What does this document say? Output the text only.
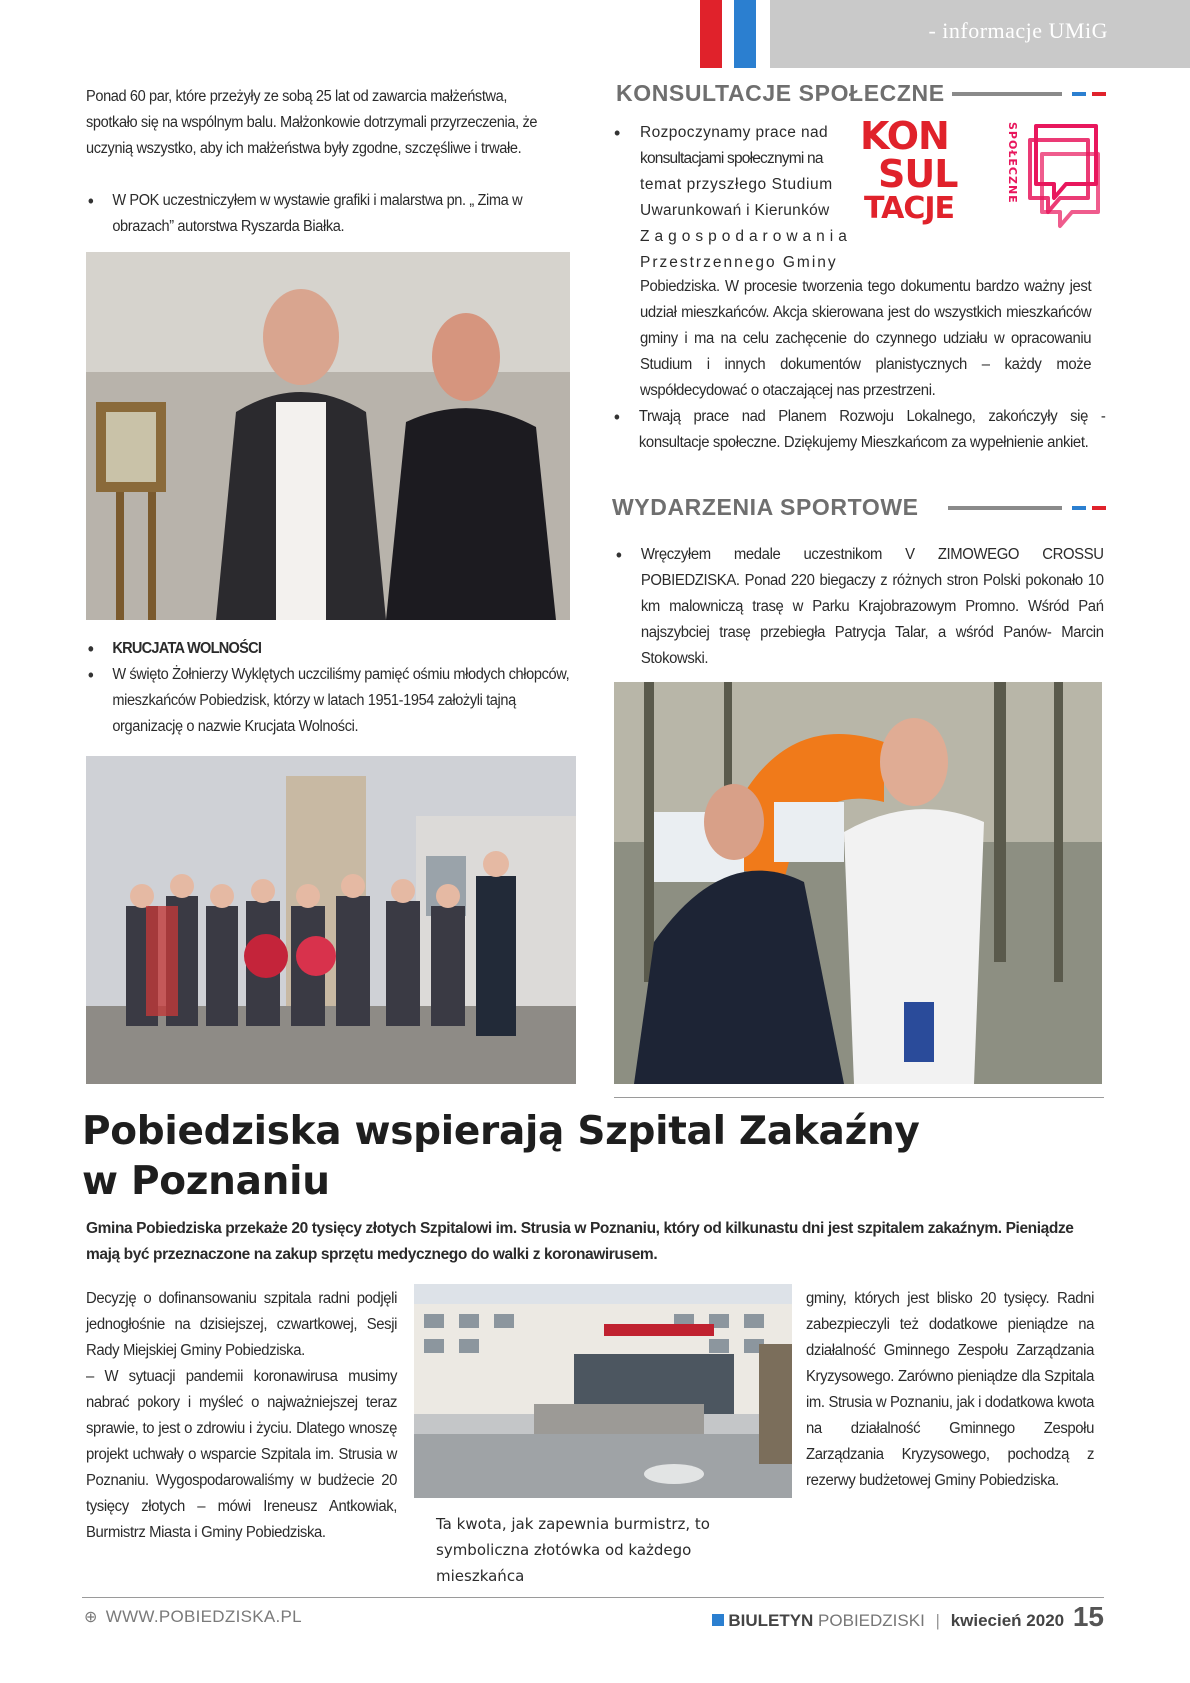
- informacje UMiG
Ponad 60 par, które przeżyły ze sobą 25 lat od zawarcia małżeństwa, spotkało się na wspólnym balu. Małżonkowie dotrzymali przyrzeczenia, że uczynią wszystko, aby ich małżeństwa były zgodne, szczęśliwe i trwałe.
• W POK uczestniczyłem w wystawie grafiki i malarstwa pn. „ Zima w obrazach” autorstwa Ryszarda Białka.
• KRUCJATA WOLNOŚCI
• W święto Żołnierzy Wyklętych uczciliśmy pamięć ośmiu młodych chłopców, mieszkańców Pobiedzisk, którzy w latach 1951-1954 założyli tajną organizację o nazwie Krucjata Wolności.
KONSULTACJE SPOŁECZNE
• Rozpoczynamy prace nad
konsultacjami społecznymi na
temat przyszłego Studium
Uwarunkowań i Kierunków
Zagospodarowania
Przestrzennego Gminy
KON
SUL
TACJE
SPOŁECZNE
Pobiedziska. W procesie tworzenia tego dokumentu bardzo ważny jest udział mieszkańców. Akcja skierowana jest do wszystkich mieszkańców gminy i ma na celu zachęcenie do czynnego udziału w opracowaniu Studium i innych dokumentów planistycznych – każdy może współdecydować o otaczającej nas przestrzeni.
• Trwają prace nad Planem Rozwoju Lokalnego, zakończyły się - konsultacje społeczne. Dziękujemy Mieszkańcom za wypełnienie ankiet.
WYDARZENIA SPORTOWE
• Wręczyłem medale uczestnikom V ZIMOWEGO CROSSU POBIEDZISKA. Ponad 220 biegaczy z różnych stron Polski pokonało 10 km malowniczą trasę w Parku Krajobrazowym Promno. Wśród Pań najszybciej trasę przebiegła Patrycja Talar, a wśród Panów- Marcin Stokowski.
Pobiedziska wspierają Szpital Zakaźny
w Poznaniu
Gmina Pobiedziska przekaże 20 tysięcy złotych Szpitalowi im. Strusia w Poznaniu, który od kilkunastu dni jest szpitalem zakaźnym. Pieniądze mają być przeznaczone na zakup sprzętu medycznego do walki z koronawirusem.
Decyzję o dofinansowaniu szpitala radni podjęli jednogłośnie na dzisiejszej, czwartkowej, Sesji Rady Miejskiej Gminy Pobiedziska.
– W sytuacji pandemii koronawirusa musimy nabrać pokory i myśleć o najważniejszej teraz sprawie, to jest o zdrowiu i życiu. Dlatego wnoszę projekt uchwały o wsparcie Szpitala im. Strusia w Poznaniu. Wygospodarowaliśmy w budżecie 20 tysięcy złotych – mówi Ireneusz Antkowiak, Burmistrz Miasta i Gminy Pobiedziska.	Ta kwota, jak zapewnia burmistrz, to symboliczna złotówka od każdego mieszkańca
gminy, których jest blisko 20 tysięcy. Radni zabezpieczyli też dodatkowe pieniądze na działalność Gminnego Zespołu Zarządzania Kryzysowego. Zarówno pieniądze dla Szpitala im. Strusia w Poznaniu, jak i dodatkowa kwota na działalność Gminnego Zespołu Zarządzania Kryzysowego, pochodzą z rezerwy budżetowej Gminy Pobiedziska.
⊕ WWW.POBIEDZISKA.PL	BIULETYN POBIEDZISKI | kwiecień 2020 15
